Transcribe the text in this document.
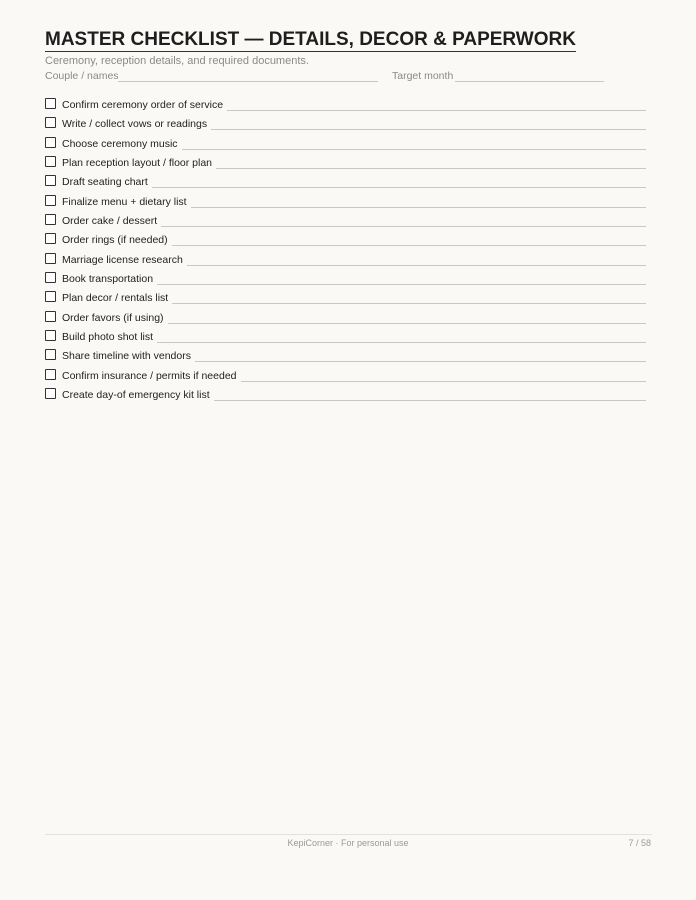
MASTER CHECKLIST — DETAILS, DECOR & PAPERWORK
Ceremony, reception details, and required documents.
Couple / names	Target month
Confirm ceremony order of service
Write / collect vows or readings
Choose ceremony music
Plan reception layout / floor plan
Draft seating chart
Finalize menu + dietary list
Order cake / dessert
Order rings (if needed)
Marriage license research
Book transportation
Plan decor / rentals list
Order favors (if using)
Build photo shot list
Share timeline with vendors
Confirm insurance / permits if needed
Create day-of emergency kit list
KepiCorner · For personal use	7 / 58
